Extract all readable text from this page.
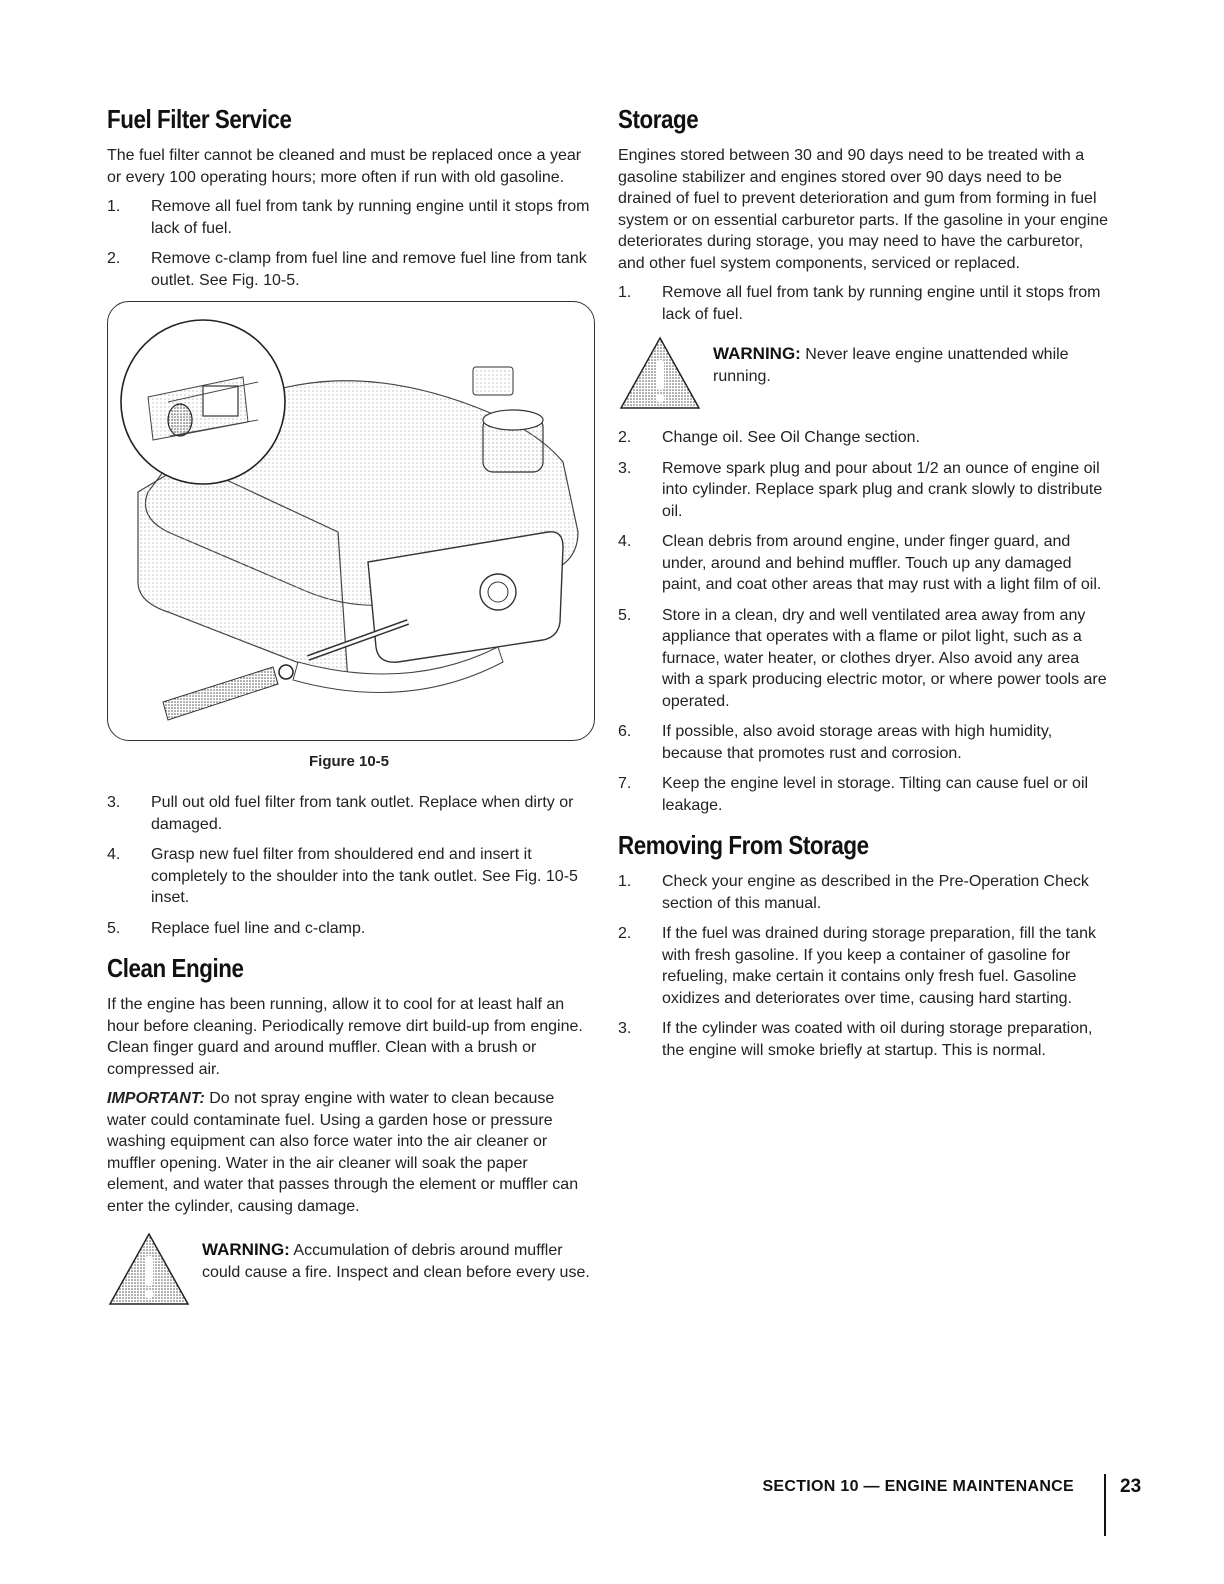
Fuel Filter Service

The fuel filter cannot be cleaned and must be replaced once a year or every 100 operating hours; more often if run with old gasoline.

1. Remove all fuel from tank by running engine until it stops from lack of fuel.
2. Remove c-clamp from fuel line and remove fuel line from tank outlet. See Fig. 10-5.
Figure 10-5
3. Pull out old fuel filter from tank outlet. Replace when dirty or damaged.
4. Grasp new fuel filter from shouldered end and insert it completely to the shoulder into the tank outlet. See Fig. 10-5 inset.
5. Replace fuel line and c-clamp.
Clean Engine

If the engine has been running, allow it to cool for at least half an hour before cleaning. Periodically remove dirt build-up from engine. Clean finger guard and around muffler. Clean with a brush or compressed air.

IMPORTANT: Do not spray engine with water to clean because water could contaminate fuel. Using a garden hose or pressure washing equipment can also force water into the air cleaner or muffler opening. Water in the air cleaner will soak the paper element, and water that passes through the element or muffler can enter the cylinder, causing damage.

WARNING: Accumulation of debris around muffler could cause a fire. Inspect and clean before every use.
Storage

Engines stored between 30 and 90 days need to be treated with a gasoline stabilizer and engines stored over 90 days need to be drained of fuel to prevent deterioration and gum from forming in fuel system or on essential carburetor parts. If the gasoline in your engine deteriorates during storage, you may need to have the carburetor, and other fuel system components, serviced or replaced.

1. Remove all fuel from tank by running engine until it stops from lack of fuel.
WARNING: Never leave engine unattended while running.
2. Change oil. See Oil Change section.
3. Remove spark plug and pour about 1/2 an ounce of engine oil into cylinder. Replace spark plug and crank slowly to distribute oil.
4. Clean debris from around engine, under finger guard, and under, around and behind muffler. Touch up any damaged paint, and coat other areas that may rust with a light film of oil.
5. Store in a clean, dry and well ventilated area away from any appliance that operates with a flame or pilot light, such as a furnace, water heater, or clothes dryer. Also avoid any area with a spark producing electric motor, or where power tools are operated.
6. If possible, also avoid storage areas with high humidity, because that promotes rust and corrosion.
7. Keep the engine level in storage. Tilting can cause fuel or oil leakage.
Removing From Storage
1. Check your engine as described in the Pre-Operation Check section of this manual.
2. If the fuel was drained during storage preparation, fill the tank with fresh gasoline. If you keep a container of gasoline for refueling, make certain it contains only fresh fuel. Gasoline oxidizes and deteriorates over time, causing hard starting.
3. If the cylinder was coated with oil during storage preparation, the engine will smoke briefly at startup. This is normal.
SECTION 10 — ENGINE MAINTENANCE 23
